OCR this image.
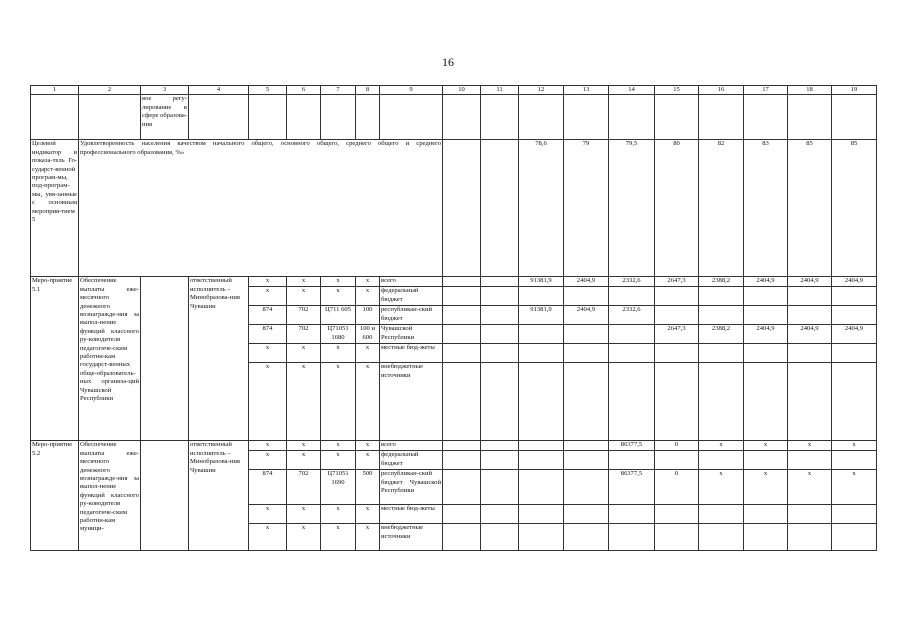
16
1	2	3	4	5	6	7	8	9	10	11	12	13	14	15	16	17	18	19
		вое регу-лирование в сфере образова-ния																
Целевой индикатор и показа-тель Го-сударст-венной програм-мы, под-програм-мы, увя-занные с основным мероприя-тием 5	Удовлетворенность населения качеством начального общего, основного общего, среднего общего и среднего профессионального образования, %»										78,6	79	79,5	80	82	83	85	85
Меро-приятие 5.1	Обеспечение выплаты еже-месячного денежного вознагражде-ния за выпол-нение функций классного ру-ководителя педагогиче-ским работни-кам государст-венных обще-образователь-ных организа-ций Чувашской Республики		ответственный исполнитель – Минобразова-ния Чувашии	х	х	х	х	всего			91381,9	2404,9	2332,6	2647,3	2388,2	2404,9	2404,9	2404,9
				х	х	х	х	федеральный бюджет										
				874	702	Ц711 605	100	республикан-ский бюджет			91381,9	2404,9	2332,6					
				874	702	Ц71051 1680	100 и 600	Чувашской Республики						2647,3	2388,2	2404,9	2404,9	2404,9
				х	х	х	х	местные бюд-жеты										
				х	х	х	х	внебюджетные источники										
Меро-приятие 5.2	Обеспечение выплаты еже-месячного денежного вознагражде-ния за выпол-нение функций классного ру-ководителя педагогиче-ским работни-кам муници-		ответственный исполнитель – Минобразова-ния Чувашии	х	х	х	х	всего					86377,5	0	х	х	х	х
				х	х	х	х	федеральный бюджет										
				874	702	Ц71051 1690	500	республикан-ский бюджет Чувашской Республики					86377,5	0	х	х	х	х
				х	х	х	х	местные бюд-жеты										
				х	х	х	х	внебюджетные источники										
